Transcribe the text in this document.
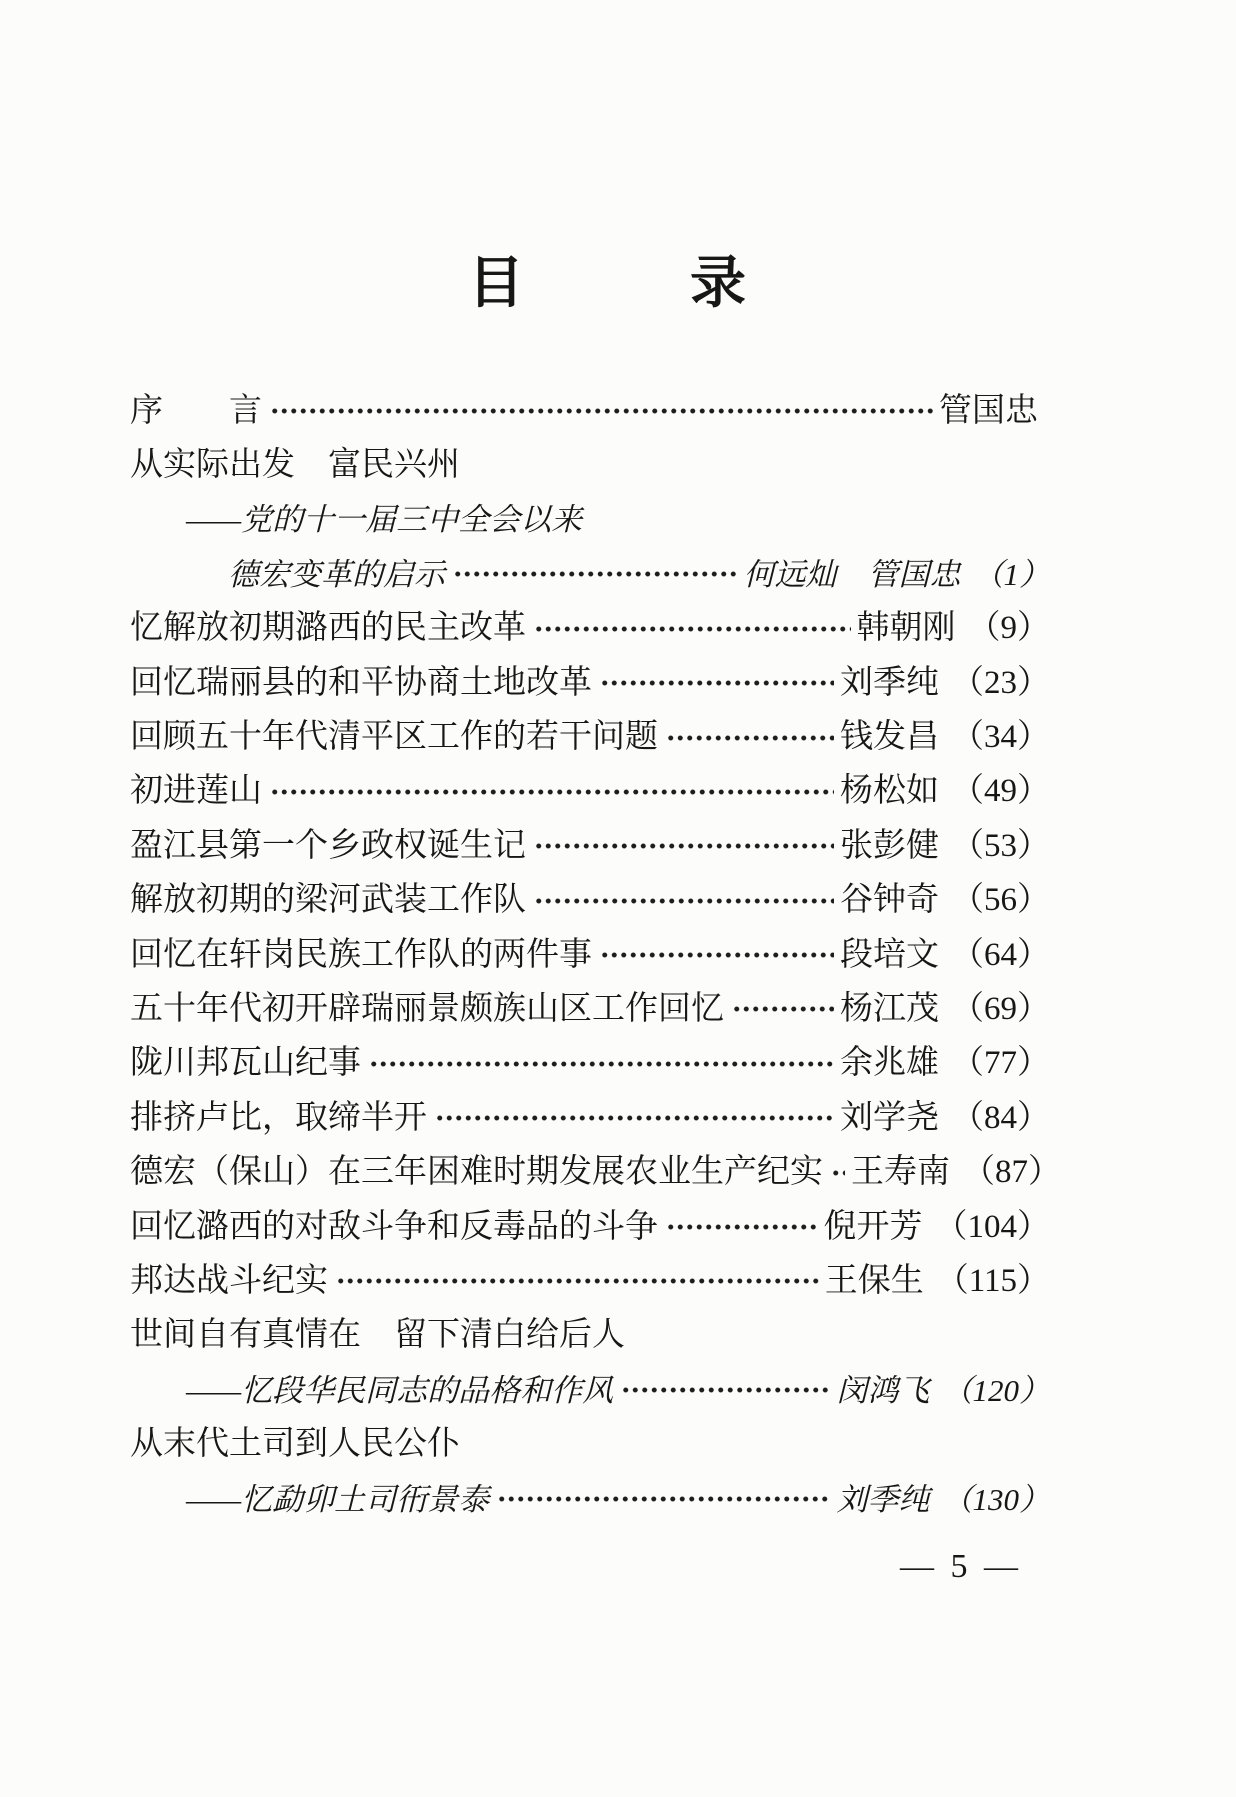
目	录
序　　言	管国忠
从实际出发　富民兴州
——党的十一届三中全会以来
德宏变革的启示	何远灿　管国忠 （1）
忆解放初期潞西的民主改革	韩朝刚 （9）
回忆瑞丽县的和平协商土地改革	刘季纯 （23）
回顾五十年代清平区工作的若干问题	钱发昌 （34）
初进莲山	杨松如 （49）
盈江县第一个乡政权诞生记	张彭健 （53）
解放初期的梁河武装工作队	谷钟奇 （56）
回忆在轩岗民族工作队的两件事	段培文 （64）
五十年代初开辟瑞丽景颇族山区工作回忆	杨江茂 （69）
陇川邦瓦山纪事	余兆雄 （77）
排挤卢比，取缔半开	刘学尧 （84）
德宏（保山）在三年困难时期发展农业生产纪实 王寿南 （87）
回忆潞西的对敌斗争和反毒品的斗争	倪开芳 （104）
邦达战斗纪实	王保生 （115）
世间自有真情在　留下清白给后人
——忆段华民同志的品格和作风	闵鸿飞 （120）
从末代土司到人民公仆
——忆勐卯土司衎景泰	刘季纯 （130）
— 5 —
